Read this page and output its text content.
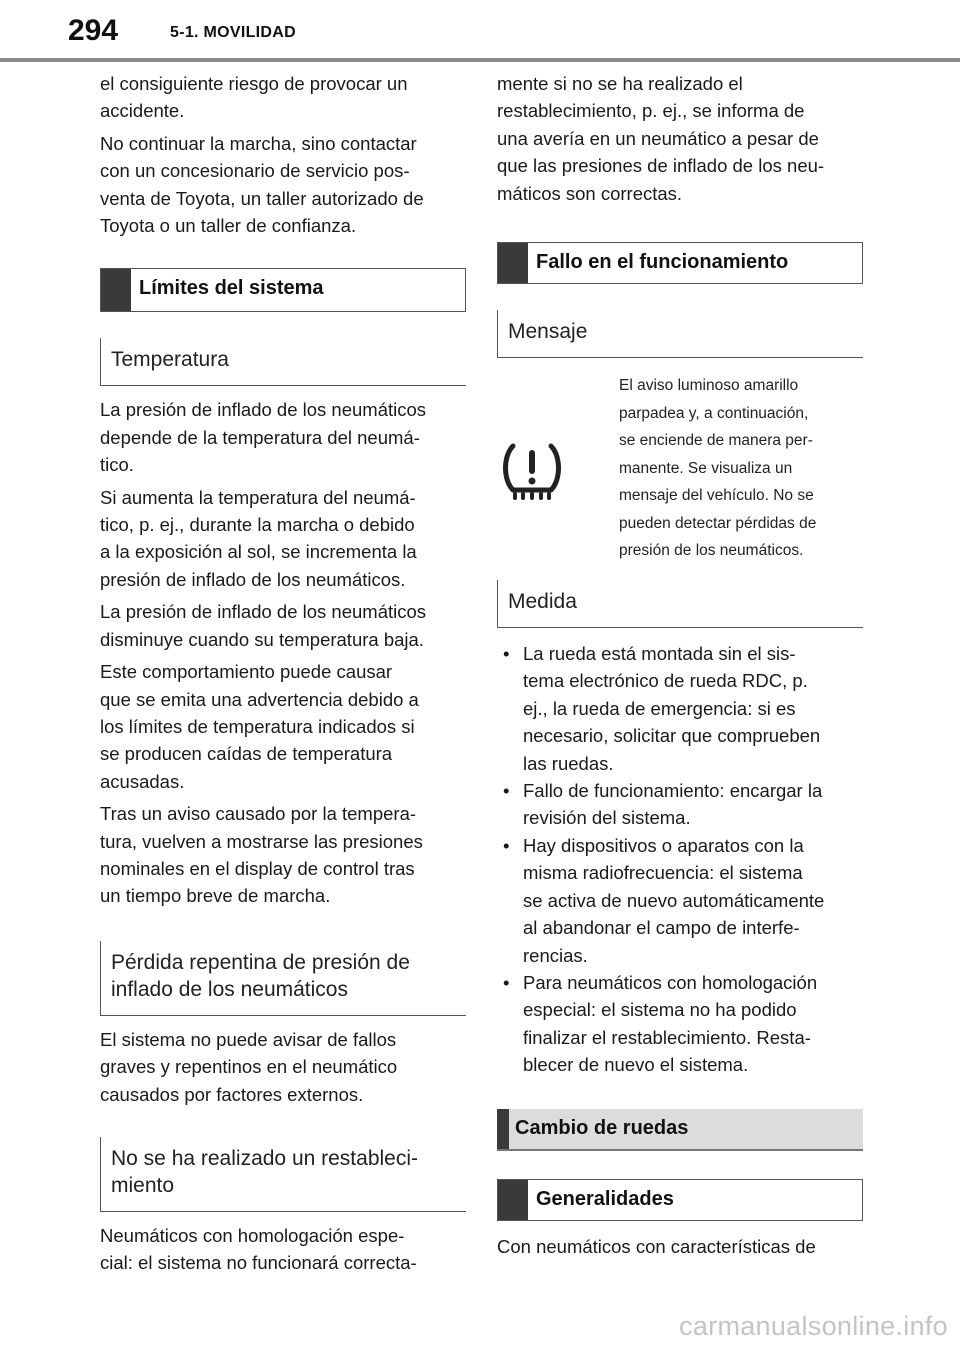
294	5-1. MOVILIDAD

el consiguiente riesgo de provocar un
accidente.

No continuar la marcha, sino contactar
con un concesionario de servicio pos-
venta de Toyota, un taller autorizado de
Toyota o un taller de confianza.

Límites del sistema
Temperatura

La presión de inflado de los neumáticos
depende de la temperatura del neumá-
tico.

Si aumenta la temperatura del neumá-
tico, p. ej., durante la marcha o debido
a la exposición al sol, se incrementa la
presión de inflado de los neumáticos.

La presión de inflado de los neumáticos
disminuye cuando su temperatura baja.

Este comportamiento puede causar
que se emita una advertencia debido a
los límites de temperatura indicados si
se producen caídas de temperatura
acusadas.

Tras un aviso causado por la tempera-
tura, vuelven a mostrarse las presiones
nominales en el display de control tras
un tiempo breve de marcha.

Pérdida repentina de presión de
inflado de los neumáticos

El sistema no puede avisar de fallos
graves y repentinos en el neumático
causados por factores externos.

No se ha realizado un restableci-
miento

Neumáticos con homologación espe-
cial: el sistema no funcionará correcta-

mente si no se ha realizado el
restablecimiento, p. ej., se informa de
una avería en un neumático a pesar de
que las presiones de inflado de los neu-
máticos son correctas.

Fallo en el funcionamiento
Mensaje
El aviso luminoso amarillo
parpadea y, a continuación,
se enciende de manera per-
manente. Se visualiza un
mensaje del vehículo. No se
pueden detectar pérdidas de
presión de los neumáticos.
Medida
• La rueda está montada sin el sis-
tema electrónico de rueda RDC, p.
ej., la rueda de emergencia: si es
necesario, solicitar que comprueben
las ruedas.
• Fallo de funcionamiento: encargar la
revisión del sistema.
• Hay dispositivos o aparatos con la
misma radiofrecuencia: el sistema
se activa de nuevo automáticamente
al abandonar el campo de interfe-
rencias.
• Para neumáticos con homologación
especial: el sistema no ha podido
finalizar el restablecimiento. Resta-
blecer de nuevo el sistema.
Cambio de ruedas
Generalidades

Con neumáticos con características de

carmanualsonline.info
